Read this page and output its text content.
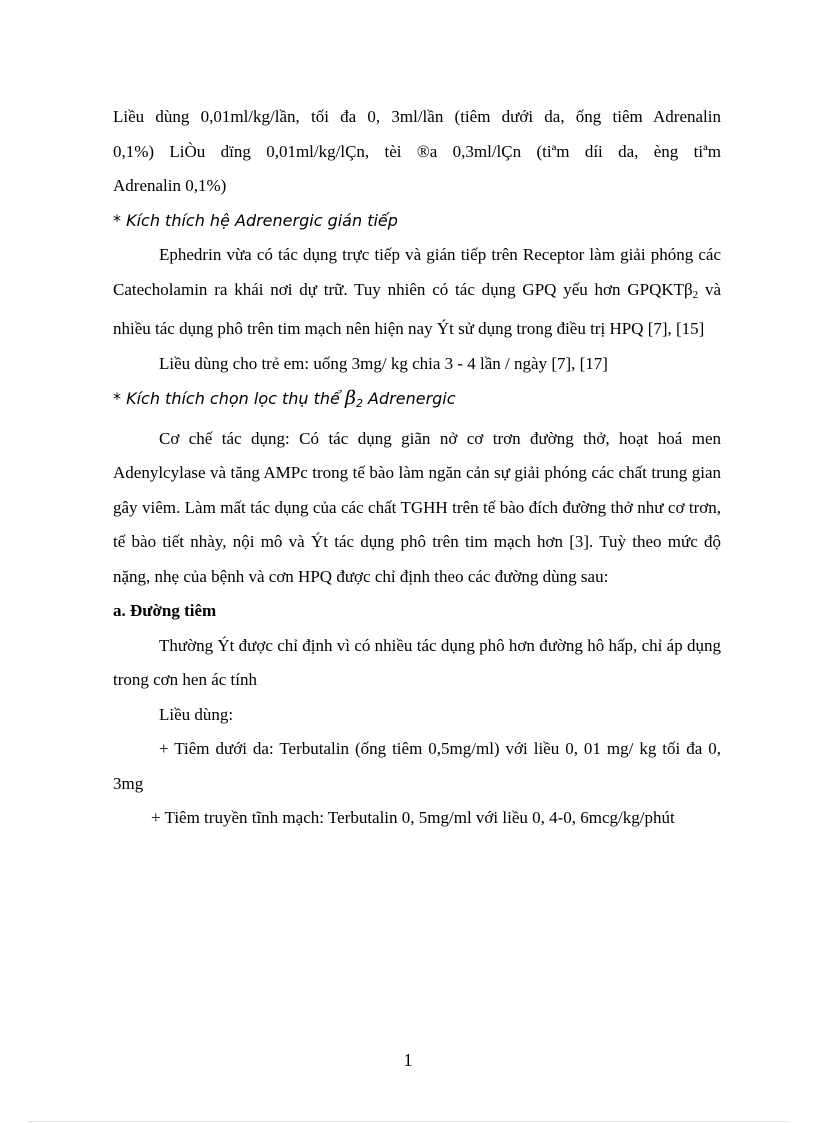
Liều dùng 0,01ml/kg/lần, tối đa 0, 3ml/lần (tiêm dưới da, ống tiêm Adrenalin

0,1%) LiÒu dïng 0,01ml/kg/lÇn, tèi ®a 0,3ml/lÇn (tiªm díi da, èng tiªm

Adrenalin 0,1%)

* Kích thích hệ Adrenergic gián tiếp

Ephedrin vừa có tác dụng trực tiếp và gián tiếp trên Receptor làm giải phóng các Catecholamin ra khái nơi dự trữ. Tuy nhiên có tác dụng GPQ yếu hơn GPQKTβ$_2$ và nhiều tác dụng phô trên tim mạch nên hiện nay Ýt sử dụng trong điều trị HPQ [7], [15]

Liều dùng cho trẻ em: uống 3mg/ kg chia 3 - 4 lần / ngày [7], [17]

* Kích thích chọn lọc thụ thể $\beta_2$ Adrenergic

Cơ chế tác dụng: Có tác dụng giãn nở cơ trơn đường thở, hoạt hoá men Adenylcylase và tăng AMPc trong tế bào làm ngăn cản sự giải phóng các chất trung gian gây viêm. Làm mất tác dụng của các chất TGHH trên tế bào đích đường thở như cơ trơn, tế bào tiết nhày, nội mô và Ýt tác dụng phô trên tim mạch hơn [3]. Tuỳ theo mức độ nặng, nhẹ của bệnh và cơn HPQ được chỉ định theo các đường dùng sau:

a. Đường tiêm

Thường Ýt được chỉ định vì có nhiều tác dụng phô hơn đường hô hấp, chỉ áp dụng trong cơn hen ác tính

Liều dùng:

+ Tiêm dưới da: Terbutalin (ống tiêm 0,5mg/ml) với liều 0, 01 mg/ kg tối đa 0, 3mg

+ Tiêm truyền tĩnh mạch: Terbutalin 0, 5mg/ml với liều 0, 4-0, 6mcg/kg/phút

1
